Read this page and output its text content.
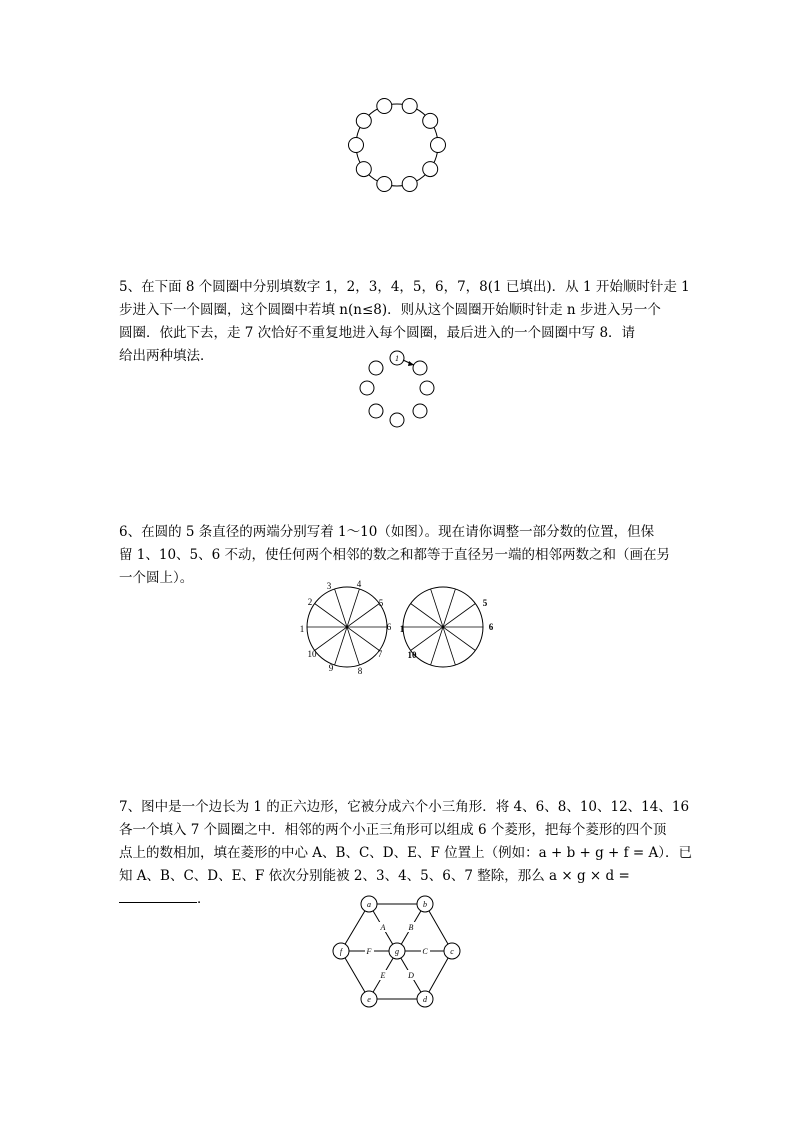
5、在下面 8 个圆圈中分别填数字 1，2，3，4，5，6，7，8(1 已填出)．从 1 开始顺时针走 1
步进入下一个圆圈，这个圆圈中若填 n(n≤8)．则从这个圆圈开始顺时针走 n 步进入另一个
圆圈．依此下去，走 7 次恰好不重复地进入每个圆圈，最后进入的一个圆圈中写 8．请
给出两种填法．	1
6、在圆的 5 条直径的两端分别写着 1～10（如图）。现在请你调整一部分数的位置，但保
留 1、10、5、6 不动，使任何两个相邻的数之和都等于直径另一端的相邻两数之和（画在另
一个圆上）。
1
2
3	4
5
6
7
8
9
10
1
5
6
10
7、图中是一个边长为 1 的正六边形，它被分成六个小三角形．将 4、6、8、10、12、14、16
各一个填入 7 个圆圈之中．相邻的两个小正三角形可以组成 6 个菱形，把每个菱形的四个顶
点上的数相加，填在菱形的中心 A、B、C、D、E、F 位置上（例如：a + b + g + f = A）．已
知 A、B、C、D、E、F 依次分别能被 2、3、4、5、6、7 整除，那么 a × g × d =
．	a	b
c
d
e
f	g
A	B
C
D
E
F
